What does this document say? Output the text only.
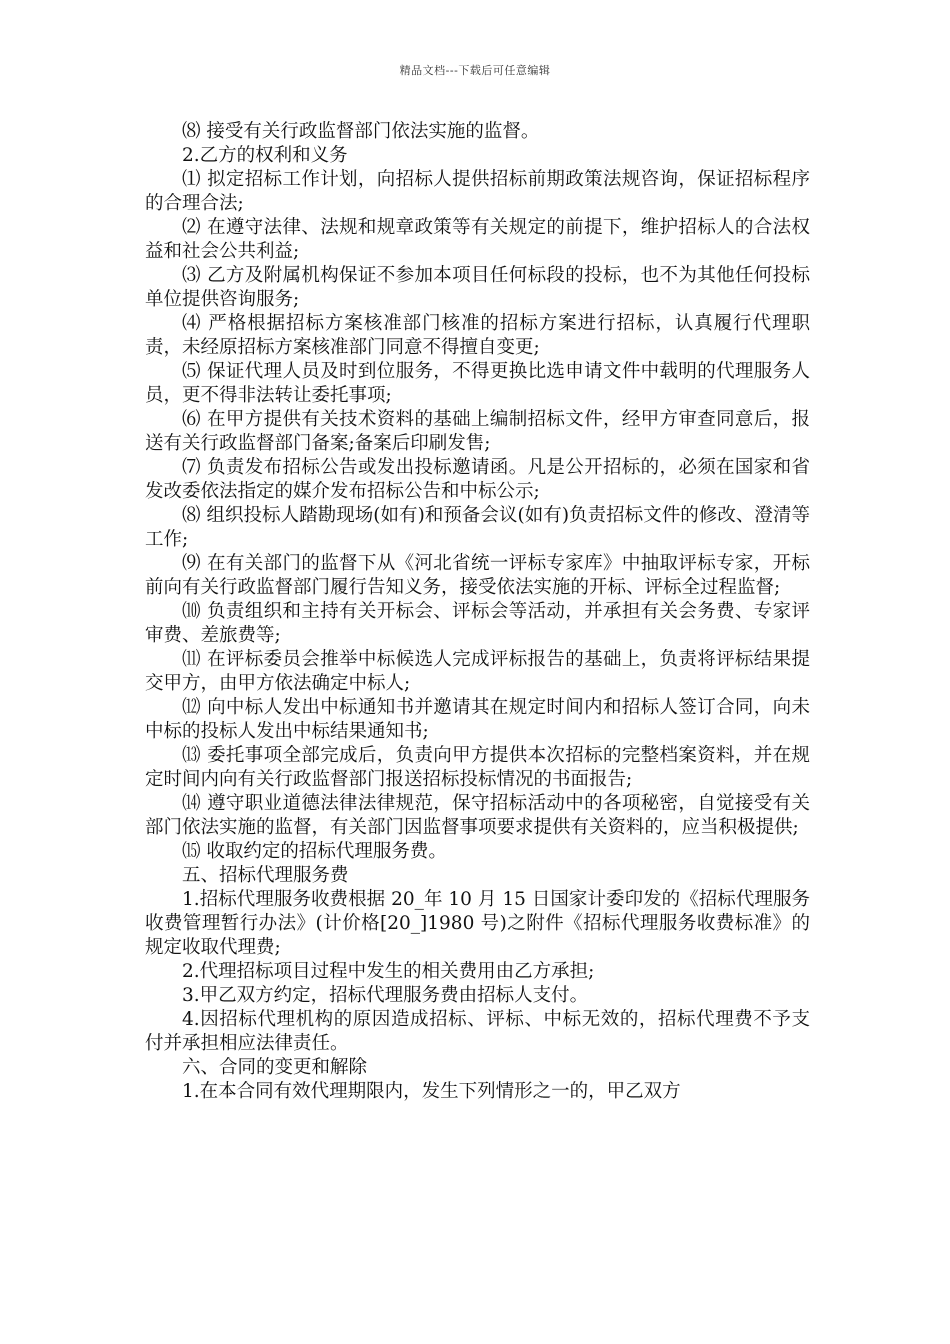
精品文档---下载后可任意编辑

⑻ 接受有关行政监督部门依法实施的监督。

2.乙方的权利和义务

⑴ 拟定招标工作计划，向招标人提供招标前期政策法规咨询，保证招标程序的合理合法;

⑵ 在遵守法律、法规和规章政策等有关规定的前提下，维护招标人的合法权益和社会公共利益;

⑶ 乙方及附属机构保证不参加本项目任何标段的投标，也不为其他任何投标单位提供咨询服务;

⑷ 严格根据招标方案核准部门核准的招标方案进行招标，认真履行代理职责，未经原招标方案核准部门同意不得擅自变更;

⑸ 保证代理人员及时到位服务，不得更换比选申请文件中载明的代理服务人员，更不得非法转让委托事项;

⑹ 在甲方提供有关技术资料的基础上编制招标文件，经甲方审查同意后，报送有关行政监督部门备案;备案后印刷发售;

⑺ 负责发布招标公告或发出投标邀请函。凡是公开招标的，必须在国家和省发改委依法指定的媒介发布招标公告和中标公示;

⑻ 组织投标人踏勘现场(如有)和预备会议(如有)负责招标文件的修改、澄清等工作;

⑼ 在有关部门的监督下从《河北省统一评标专家库》中抽取评标专家，开标前向有关行政监督部门履行告知义务，接受依法实施的开标、评标全过程监督;

⑽ 负责组织和主持有关开标会、评标会等活动，并承担有关会务费、专家评审费、差旅费等;

⑾ 在评标委员会推举中标候选人完成评标报告的基础上，负责将评标结果提交甲方，由甲方依法确定中标人;

⑿ 向中标人发出中标通知书并邀请其在规定时间内和招标人签订合同，向未中标的投标人发出中标结果通知书;

⒀ 委托事项全部完成后，负责向甲方提供本次招标的完整档案资料，并在规定时间内向有关行政监督部门报送招标投标情况的书面报告;

⒁ 遵守职业道德法律法律规范，保守招标活动中的各项秘密，自觉接受有关部门依法实施的监督，有关部门因监督事项要求提供有关资料的，应当积极提供;

⒂ 收取约定的招标代理服务费。

五、招标代理服务费

1.招标代理服务收费根据 20_年 10 月 15 日国家计委印发的《招标代理服务收费管理暂行办法》(计价格[20_]1980 号)之附件《招标代理服务收费标准》的规定收取代理费;

2.代理招标项目过程中发生的相关费用由乙方承担;

3.甲乙双方约定，招标代理服务费由招标人支付。

4.因招标代理机构的原因造成招标、评标、中标无效的，招标代理费不予支付并承担相应法律责任。

六、合同的变更和解除

1.在本合同有效代理期限内，发生下列情形之一的，甲乙双方
